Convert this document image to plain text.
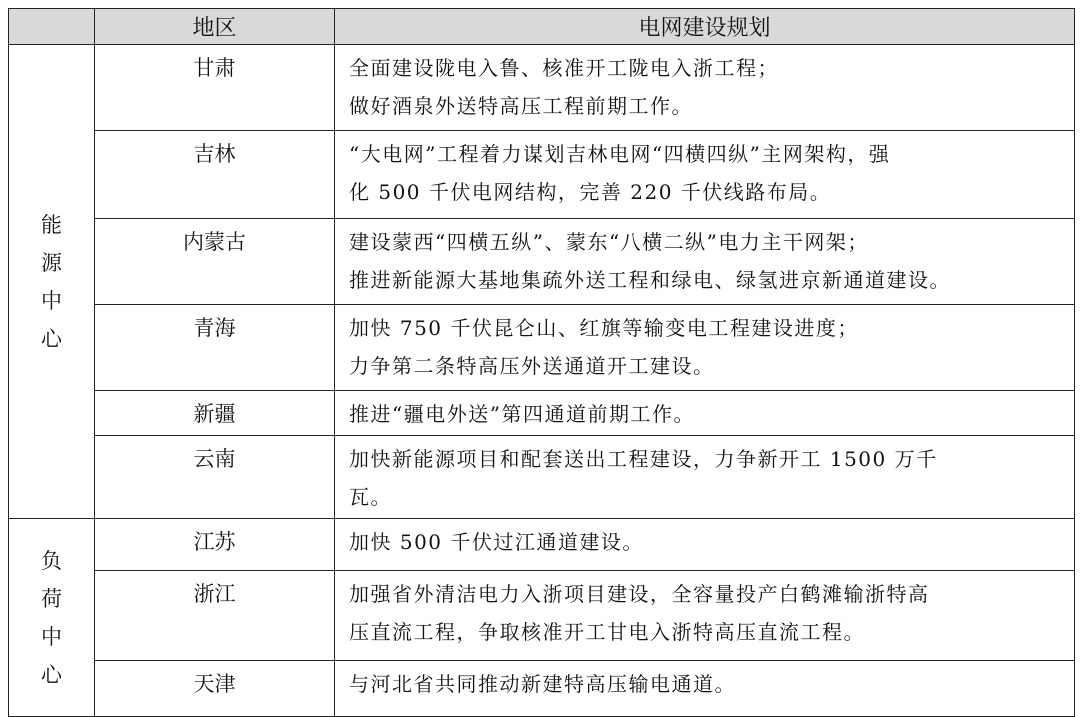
	地区	电网建设规划
能源中心	甘肃	全面建设陇电入鲁、核准开工陇电入浙工程；
做好酒泉外送特高压工程前期工作。

	吉林	“大电网”工程着力谋划吉林电网“四横四纵”主网架构，强
化 500 千伏电网结构，完善 220 千伏线路布局。

	内蒙古	建设蒙西“四横五纵”、蒙东“八横二纵”电力主干网架；
推进新能源大基地集疏外送工程和绿电、绿氢进京新通道建设。

	青海	加快 750 千伏昆仑山、红旗等输变电工程建设进度；
力争第二条特高压外送通道开工建设。

	新疆	推进“疆电外送”第四通道前期工作。

	云南	加快新能源项目和配套送出工程建设，力争新开工 1500 万千
瓦。

负荷中心	江苏	加快 500 千伏过江通道建设。

	浙江	加强省外清洁电力入浙项目建设，全容量投产白鹤滩输浙特高
压直流工程，争取核准开工甘电入浙特高压直流工程。

	天津	与河北省共同推动新建特高压输电通道。
